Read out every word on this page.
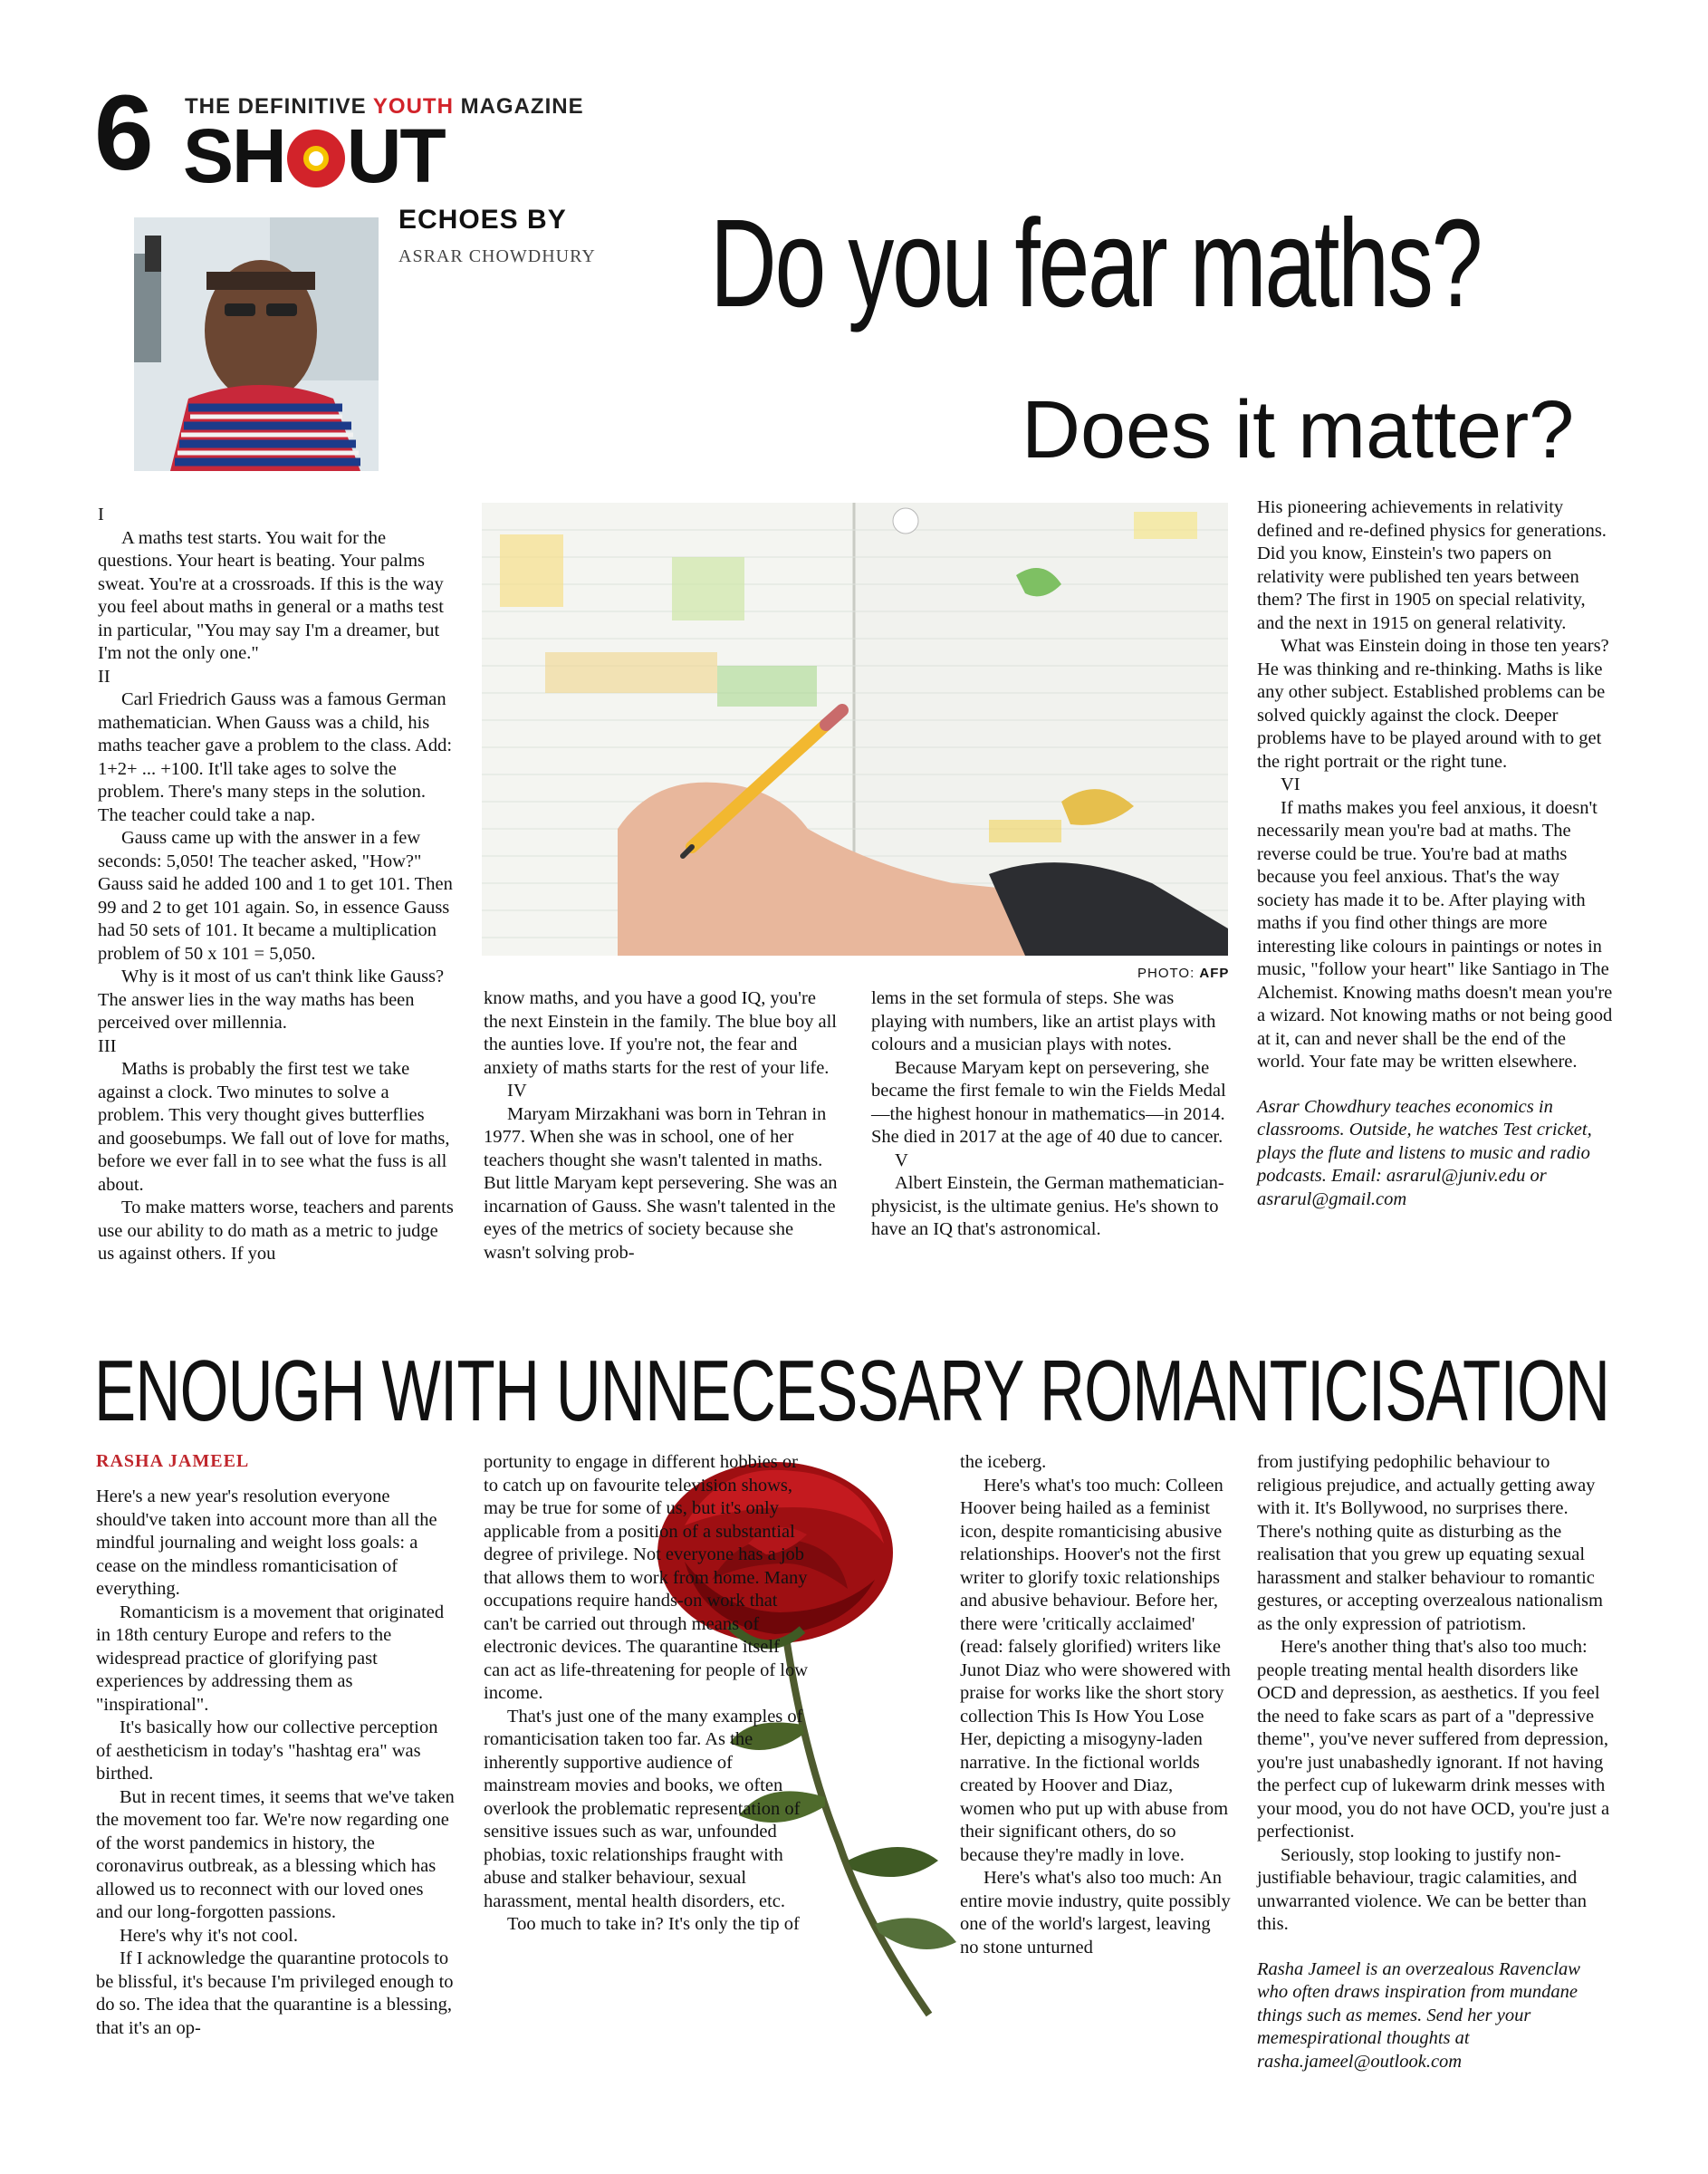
6 THE DEFINITIVE YOUTH MAGAZINE
SH UT
ECHOES BY
ASRAR CHOWDHURY Do you fear maths?
Does it matter?

I

A maths test starts. You wait for the questions. Your heart is beating. Your palms sweat. You're at a crossroads. If this is the way you feel about maths in general or a maths test in particular, "You may say I'm a dreamer, but I'm not the only one."

II

Carl Friedrich Gauss was a famous German mathematician. When Gauss was a child, his maths teacher gave a problem to the class. Add: 1+2+ ... +100. It'll take ages to solve the problem. There's many steps in the solution. The teacher could take a nap.

Gauss came up with the answer in a few seconds: 5,050! The teacher asked, "How?" Gauss said he added 100 and 1 to get 101. Then 99 and 2 to get 101 again. So, in essence Gauss had 50 sets of 101. It became a multiplication problem of 50 x 101 = 5,050.

Why is it most of us can't think like Gauss? The answer lies in the way maths has been perceived over millennia.

III

Maths is probably the first test we take against a clock. Two minutes to solve a problem. This very thought gives butterflies and goosebumps. We fall out of love for maths, before we ever fall in to see what the fuss is all about.

To make matters worse, teachers and parents use our ability to do math as a metric to judge us against others. If you

PHOTO: AFP

know maths, and you have a good IQ, you're the next Einstein in the family. The blue boy all the aunties love. If you're not, the fear and anxiety of maths starts for the rest of your life.

IV

Maryam Mirzakhani was born in Tehran in 1977. When she was in school, one of her teachers thought she wasn't talented in maths. But little Maryam kept persevering. She was an incarnation of Gauss. She wasn't talented in the eyes of the metrics of society because she wasn't solving prob-

lems in the set formula of steps. She was playing with numbers, like an artist plays with colours and a musician plays with notes.

Because Maryam kept on persevering, she became the first female to win the Fields Medal—the highest honour in mathematics—in 2014. She died in 2017 at the age of 40 due to cancer.

V

Albert Einstein, the German mathematician-physicist, is the ultimate genius. He's shown to have an IQ that's astronomical.

His pioneering achievements in relativity defined and re-defined physics for generations. Did you know, Einstein's two papers on relativity were published ten years between them? The first in 1905 on special relativity, and the next in 1915 on general relativity.

What was Einstein doing in those ten years? He was thinking and re-thinking. Maths is like any other subject. Established problems can be solved quickly against the clock. Deeper problems have to be played around with to get the right portrait or the right tune.

VI

If maths makes you feel anxious, it doesn't necessarily mean you're bad at maths. The reverse could be true. You're bad at maths because you feel anxious. That's the way society has made it to be. After playing with maths if you find other things are more interesting like colours in paintings or notes in music, "follow your heart" like Santiago in The Alchemist. Knowing maths doesn't mean you're a wizard. Not knowing maths or not being good at it, can and never shall be the end of the world. Your fate may be written elsewhere.

Asrar Chowdhury teaches economics in classrooms. Outside, he watches Test cricket, plays the flute and listens to music and radio podcasts. Email: asrarul@juniv.edu or asrarul@gmail.com

ENOUGH WITH UNNECESSARY ROMANTICISATION
RASHA JAMEEL

Here's a new year's resolution everyone should've taken into account more than all the mindful journaling and weight loss goals: a cease on the mindless romanticisation of everything.

Romanticism is a movement that originated in 18th century Europe and refers to the widespread practice of glorifying past experiences by addressing them as "inspirational".

It's basically how our collective perception of aestheticism in today's "hashtag era" was birthed.

But in recent times, it seems that we've taken the movement too far. We're now regarding one of the worst pandemics in history, the coronavirus outbreak, as a blessing which has allowed us to reconnect with our loved ones and our long-forgotten passions.

Here's why it's not cool.

If I acknowledge the quarantine protocols to be blissful, it's because I'm privileged enough to do so. The idea that the quarantine is a blessing, that it's an op-

portunity to engage in different hobbies or to catch up on favourite television shows, may be true for some of us, but it's only applicable from a position of a substantial degree of privilege. Not everyone has a job that allows them to work from home. Many occupations require hands-on work that can't be carried out through means of electronic devices. The quarantine itself can act as life-threatening for people of low income.

That's just one of the many examples of romanticisation taken too far. As the inherently supportive audience of mainstream movies and books, we often overlook the problematic representation of sensitive issues such as war, unfounded phobias, toxic relationships fraught with abuse and stalker behaviour, sexual harassment, mental health disorders, etc.

Too much to take in? It's only the tip of

the iceberg.

Here's what's too much: Colleen Hoover being hailed as a feminist icon, despite romanticising abusive relationships. Hoover's not the first writer to glorify toxic relationships and abusive behaviour. Before her, there were 'critically acclaimed' (read: falsely glorified) writers like Junot Diaz who were showered with praise for works like the short story collection This Is How You Lose Her, depicting a misogyny-laden narrative. In the fictional worlds created by Hoover and Diaz, women who put up with abuse from their significant others, do so because they're madly in love.

Here's what's also too much: An entire movie industry, quite possibly one of the world's largest, leaving no stone unturned

from justifying pedophilic behaviour to religious prejudice, and actually getting away with it. It's Bollywood, no surprises there. There's nothing quite as disturbing as the realisation that you grew up equating sexual harassment and stalker behaviour to romantic gestures, or accepting overzealous nationalism as the only expression of patriotism.

Here's another thing that's also too much: people treating mental health disorders like OCD and depression, as aesthetics. If you feel the need to fake scars as part of a "depressive theme", you've never suffered from depression, you're just unabashedly ignorant. If not having the perfect cup of lukewarm drink messes with your mood, you do not have OCD, you're just a perfectionist.

Seriously, stop looking to justify non-justifiable behaviour, tragic calamities, and unwarranted violence. We can be better than this.

Rasha Jameel is an overzealous Ravenclaw who often draws inspiration from mundane things such as memes. Send her your memespirational thoughts at rasha.jameel@outlook.com
